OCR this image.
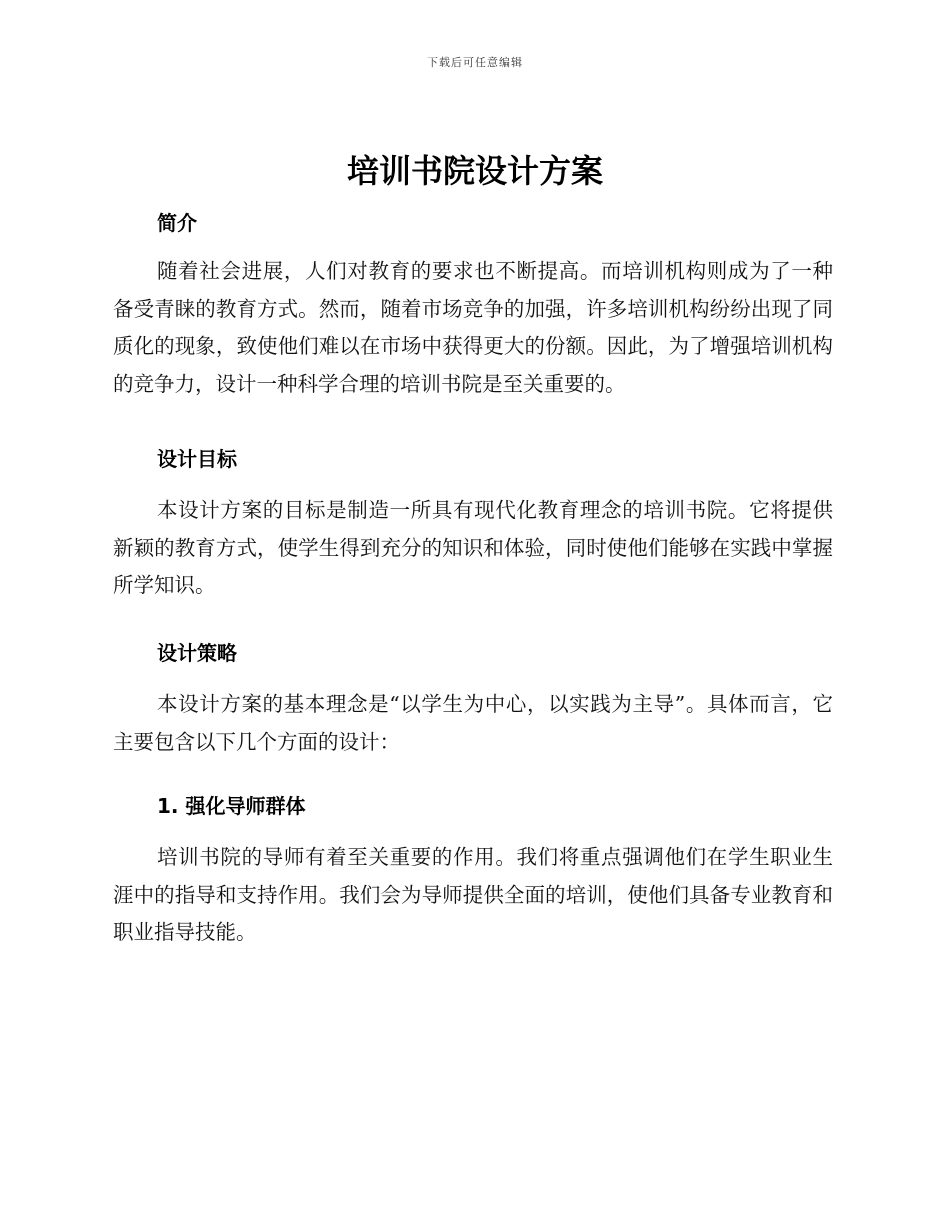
下载后可任意编辑
培训书院设计方案
简介

随着社会进展，人们对教育的要求也不断提高。而培训机构则成为了一种备受青睐的教育方式。然而，随着市场竞争的加强，许多培训机构纷纷出现了同质化的现象，致使他们难以在市场中获得更大的份额。因此，为了增强培训机构的竞争力，设计一种科学合理的培训书院是至关重要的。

设计目标

本设计方案的目标是制造一所具有现代化教育理念的培训书院。它将提供新颖的教育方式，使学生得到充分的知识和体验，同时使他们能够在实践中掌握所学知识。

设计策略

本设计方案的基本理念是“以学生为中心，以实践为主导”。具体而言，它主要包含以下几个方面的设计：

1. 强化导师群体

培训书院的导师有着至关重要的作用。我们将重点强调他们在学生职业生涯中的指导和支持作用。我们会为导师提供全面的培训，使他们具备专业教育和职业指导技能。
